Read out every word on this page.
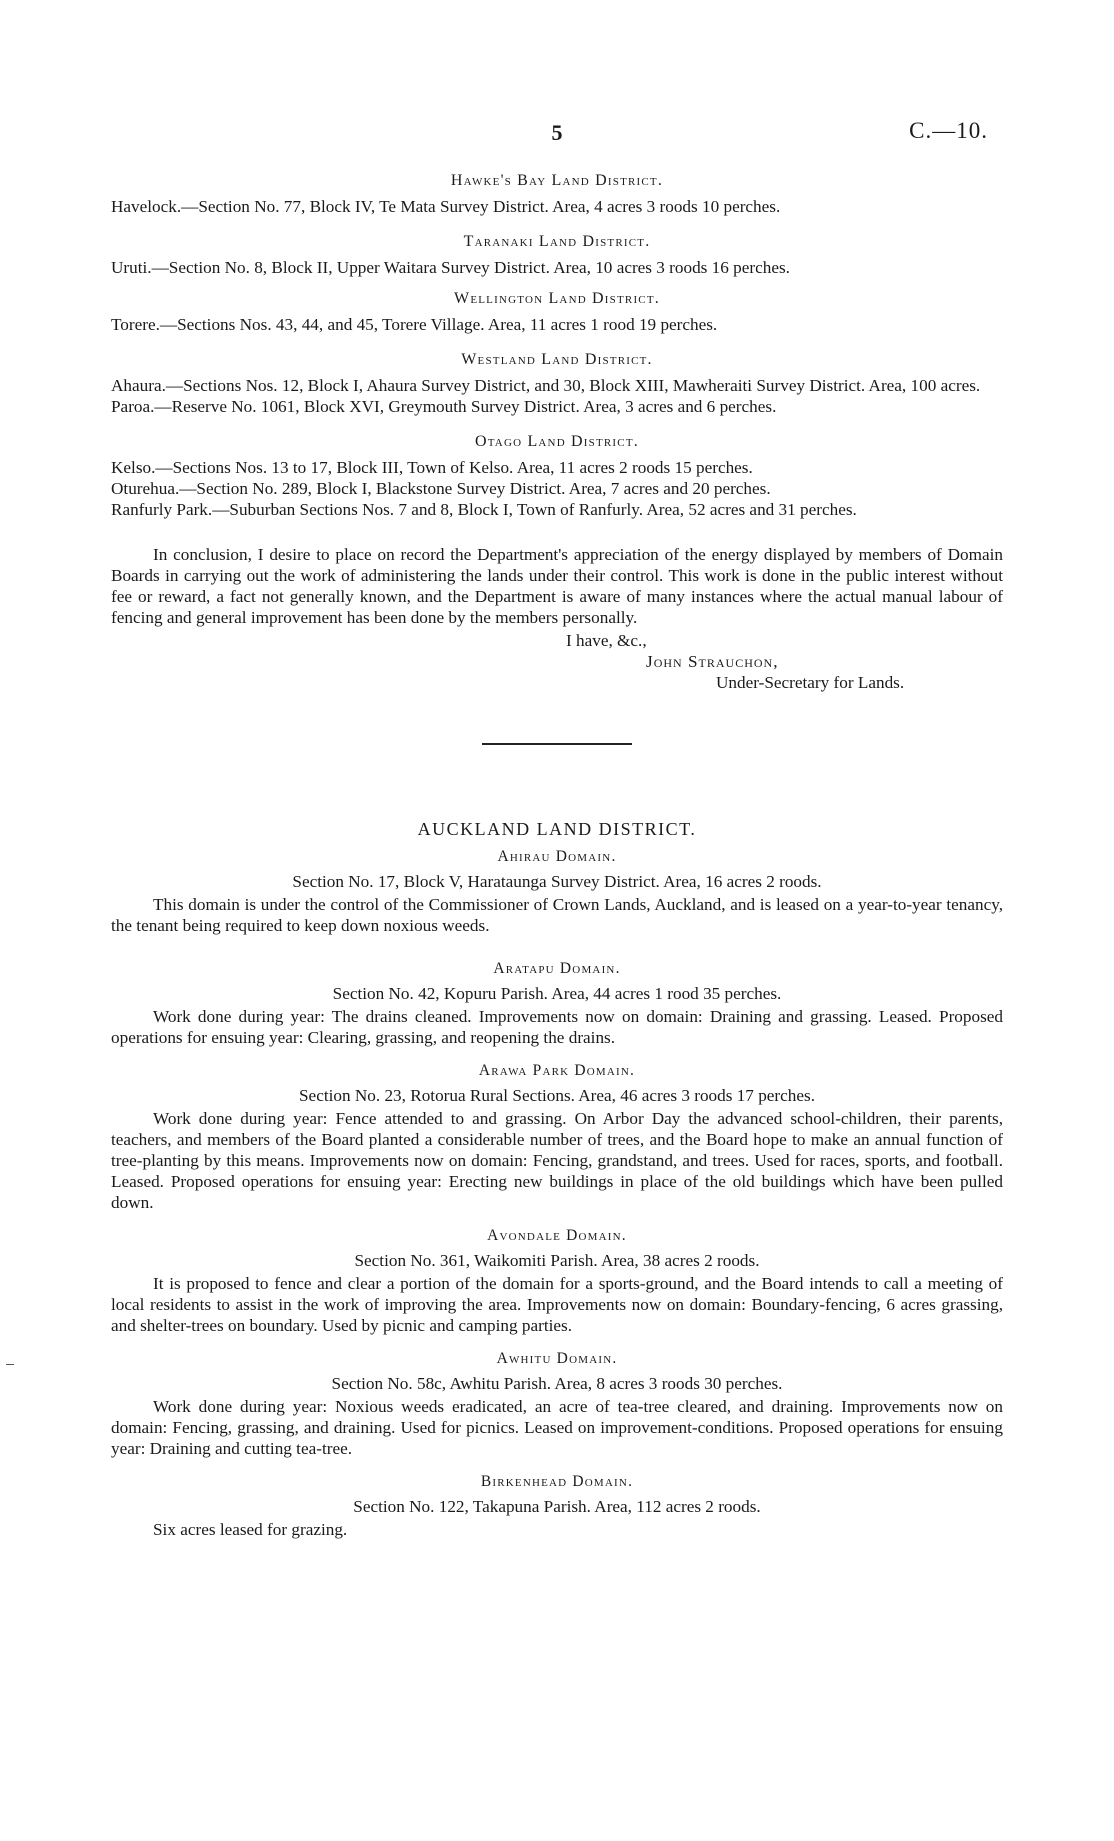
5	C.—10.

Hawke's Bay Land District.

Havelock.—Section No. 77, Block IV, Te Mata Survey District. Area, 4 acres 3 roods 10 perches.

Taranaki Land District.

Uruti.—Section No. 8, Block II, Upper Waitara Survey District. Area, 10 acres 3 roods 16 perches.

Wellington Land District.

Torere.—Sections Nos. 43, 44, and 45, Torere Village. Area, 11 acres 1 rood 19 perches.

Westland Land District.

Ahaura.—Sections Nos. 12, Block I, Ahaura Survey District, and 30, Block XIII, Mawheraiti Survey District. Area, 100 acres.

Paroa.—Reserve No. 1061, Block XVI, Greymouth Survey District. Area, 3 acres and 6 perches.

Otago Land District.

Kelso.—Sections Nos. 13 to 17, Block III, Town of Kelso. Area, 11 acres 2 roods 15 perches.

Oturehua.—Section No. 289, Block I, Blackstone Survey District. Area, 7 acres and 20 perches.

Ranfurly Park.—Suburban Sections Nos. 7 and 8, Block I, Town of Ranfurly. Area, 52 acres and 31 perches.

In conclusion, I desire to place on record the Department's appreciation of the energy displayed by members of Domain Boards in carrying out the work of administering the lands under their control. This work is done in the public interest without fee or reward, a fact not generally known, and the Department is aware of many instances where the actual manual labour of fencing and general improvement has been done by the members personally.

I have, &c.,

John Strauchon,

Under-Secretary for Lands.

AUCKLAND LAND DISTRICT.

Ahirau Domain.

Section No. 17, Block V, Harataunga Survey District. Area, 16 acres 2 roods.

This domain is under the control of the Commissioner of Crown Lands, Auckland, and is leased on a year-to-year tenancy, the tenant being required to keep down noxious weeds.

Aratapu Domain.

Section No. 42, Kopuru Parish. Area, 44 acres 1 rood 35 perches.

Work done during year: The drains cleaned. Improvements now on domain: Draining and grassing. Leased. Proposed operations for ensuing year: Clearing, grassing, and reopening the drains.

Arawa Park Domain.

Section No. 23, Rotorua Rural Sections. Area, 46 acres 3 roods 17 perches.

Work done during year: Fence attended to and grassing. On Arbor Day the advanced school-children, their parents, teachers, and members of the Board planted a considerable number of trees, and the Board hope to make an annual function of tree-planting by this means. Improvements now on domain: Fencing, grandstand, and trees. Used for races, sports, and football. Leased. Proposed operations for ensuing year: Erecting new buildings in place of the old buildings which have been pulled down.

Avondale Domain.

Section No. 361, Waikomiti Parish. Area, 38 acres 2 roods.

It is proposed to fence and clear a portion of the domain for a sports-ground, and the Board intends to call a meeting of local residents to assist in the work of improving the area. Improvements now on domain: Boundary-fencing, 6 acres grassing, and shelter-trees on boundary. Used by picnic and camping parties.

Awhitu Domain.

Section No. 58c, Awhitu Parish. Area, 8 acres 3 roods 30 perches.

Work done during year: Noxious weeds eradicated, an acre of tea-tree cleared, and draining. Improvements now on domain: Fencing, grassing, and draining. Used for picnics. Leased on improvement-conditions. Proposed operations for ensuing year: Draining and cutting tea-tree.

Birkenhead Domain.

Section No. 122, Takapuna Parish. Area, 112 acres 2 roods.

Six acres leased for grazing.
